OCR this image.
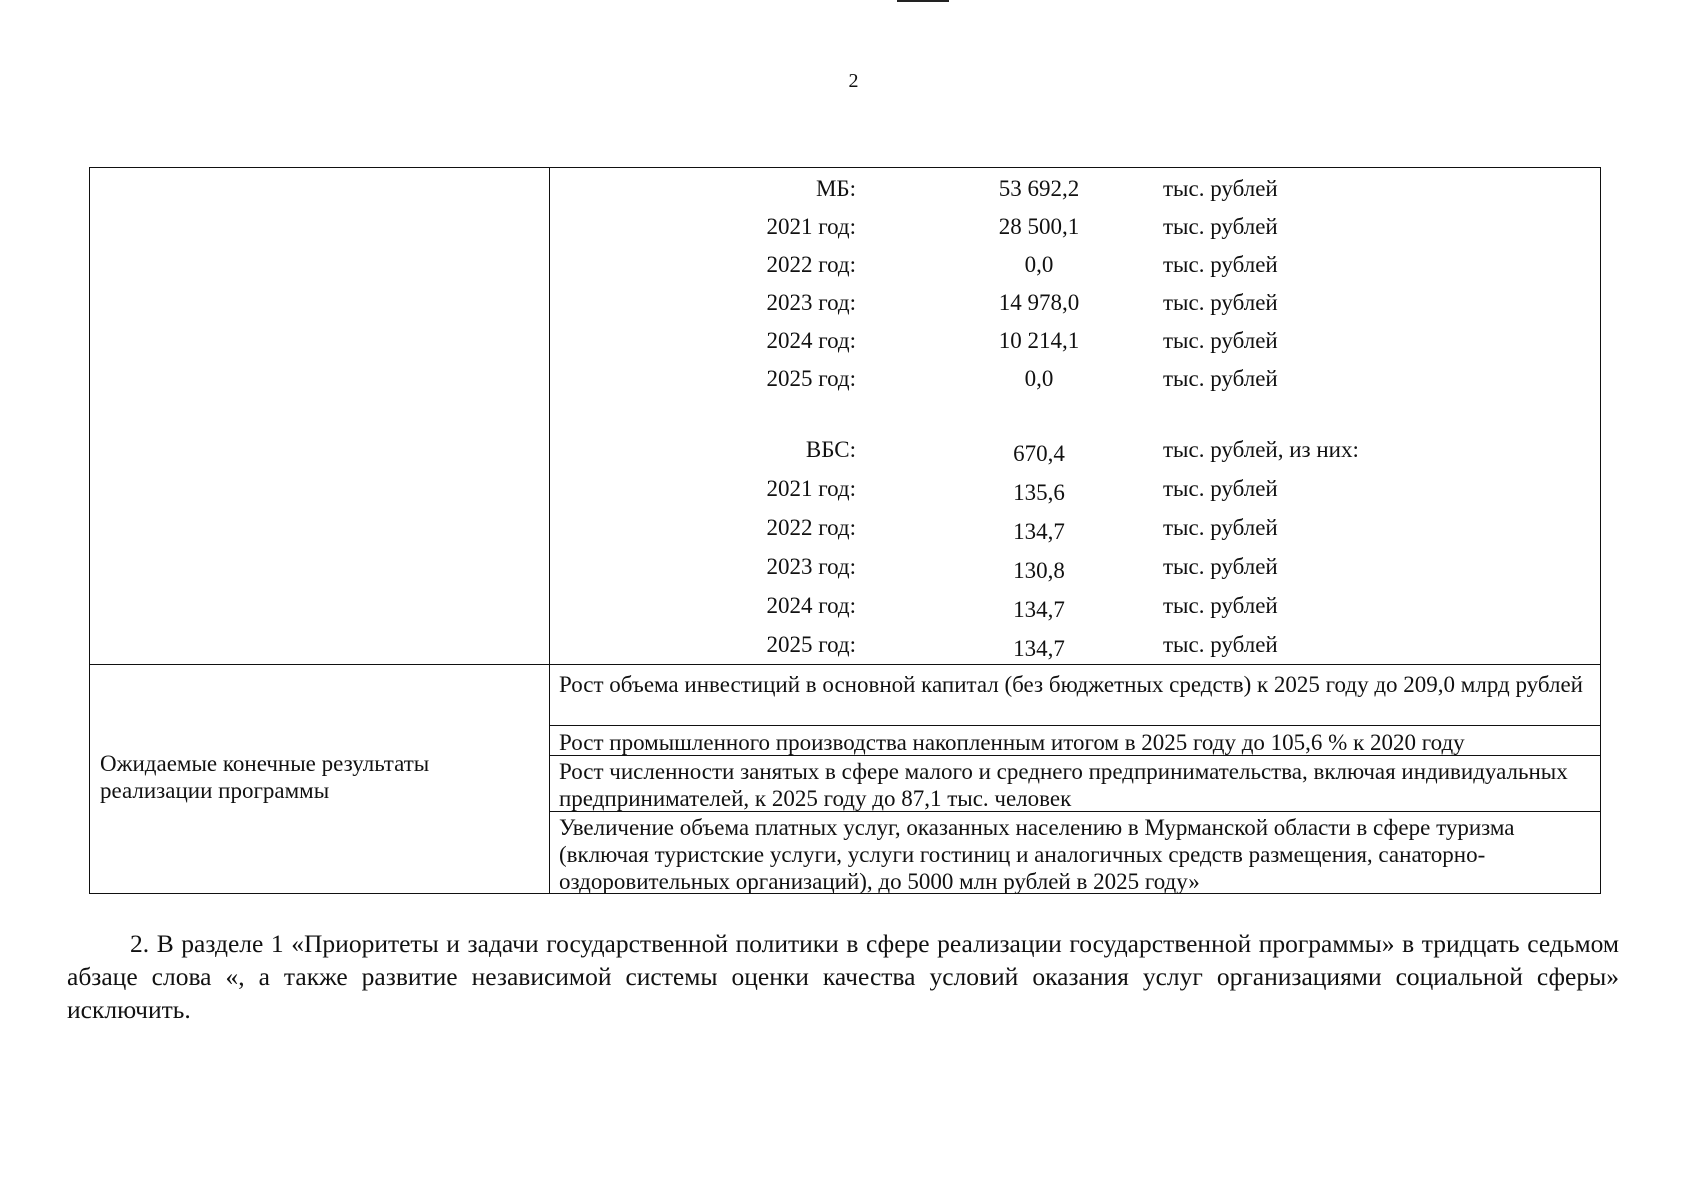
2
МБ:	53 692,2	тыс. рублей
2021 год:	28 500,1	тыс. рублей
2022 год:	0,0	тыс. рублей
2023 год:	14 978,0	тыс. рублей
2024 год:	10 214,1	тыс. рублей
2025 год:	0,0	тыс. рублей
ВБС:	670,4	тыс. рублей, из них:
2021 год:	135,6	тыс. рублей
2022 год:	134,7	тыс. рублей
2023 год:	130,8	тыс. рублей
2024 год:	134,7	тыс. рублей
2025 год:	134,7	тыс. рублей
Ожидаемые конечные результаты реализации программы
Рост объема инвестиций в основной капитал (без бюджетных средств) к 2025 году до 209,0 млрд рублей
Рост промышленного производства накопленным итогом в 2025 году до 105,6 % к 2020 году
Рост численности занятых в сфере малого и среднего предпринимательства, включая индивидуальных предпринимателей, к 2025 году до 87,1 тыс. человек
Увеличение объема платных услуг, оказанных населению в Мурманской области в сфере туризма (включая туристские услуги, услуги гостиниц и аналогичных средств размещения, санаторно-оздоровительных организаций), до 5000 млн рублей в 2025 году»
2. В разделе 1 «Приоритеты и задачи государственной политики в сфере реализации государственной программы» в тридцать седьмом абзаце слова «, а также развитие независимой системы оценки качества условий оказания услуг организациями социальной сферы» исключить.
